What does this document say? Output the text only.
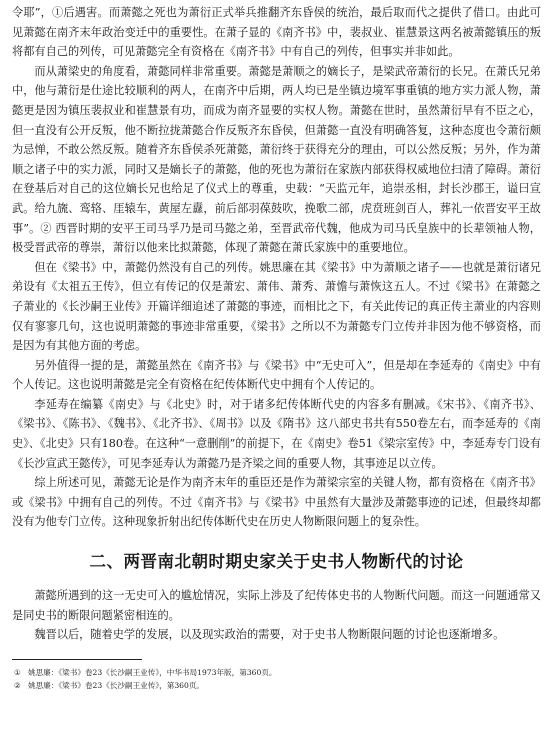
令耶”，①后遇害。而萧懿之死也为萧衍正式举兵推翻齐东昏侯的统治，最后取而代之提供了借口。由此可见萧懿在南齐末年政治变迁中的重要性。在萧子显的《南齐书》中，裴叔业、崔慧景这两名被萧懿镇压的叛将都有自己的列传，可见萧懿完全有资格在《南齐书》中有自己的列传，但事实并非如此。

而从萧梁史的角度看，萧懿同样非常重要。萧懿是萧顺之的嫡长子，是梁武帝萧衍的长兄。在萧氏兄弟中，他与萧衍是仕途比较顺利的两人，在南齐中后期，两人均已是坐镇边境军事重镇的地方实力派人物，萧懿更是因为镇压裴叔业和崔慧景有功，而成为南齐显要的实权人物。萧懿在世时，虽然萧衍早有不臣之心，但一直没有公开反叛，他不断拉拢萧懿合作反叛齐东昏侯，但萧懿一直没有明确答复，这种态度也令萧衍颇为忌惮，不敢公然反叛。随着齐东昏侯杀死萧懿，萧衍终于获得充分的理由，可以公然反叛；另外，作为萧顺之诸子中的实力派，同时又是嫡长子的萧懿，他的死也为萧衍在家族内部获得权威地位扫清了障碍。萧衍在登基后对自己的这位嫡长兄也给足了仪式上的尊重，史载：“天监元年，追崇丞相，封长沙郡王，谥曰宣武。给九旒、鸾辂、厓辕车，黄屋左纛，前后部羽葆鼓吹，挽歌二部，虎贲班剑百人，葬礼一依晋安平王故事”。② 西晋时期的安平王司马孚乃是司马懿之弟，至晋武帝代魏，他成为司马氏皇族中的长辈领袖人物，极受晋武帝的尊崇，萧衍以他来比拟萧懿，体现了萧懿在萧氏家族中的重要地位。

但在《梁书》中，萧懿仍然没有自己的列传。姚思廉在其《梁书》中为萧顺之诸子——也就是萧衍诸兄弟设有《太祖五王传》，但立有传记的仅是萧宏、萧伟、萧秀、萧憺与萧恢这五人。不过《梁书》在萧懿之子萧业的《长沙嗣王业传》开篇详细追述了萧懿的事迹，而相比之下，有关此传记的真正传主萧业的内容则仅有寥寥几句，这也说明萧懿的事迹非常重要，《梁书》之所以不为萧懿专门立传并非因为他不够资格，而是因为有其他方面的考虑。

另外值得一提的是，萧懿虽然在《南齐书》与《梁书》中“无史可入”，但是却在李延寿的《南史》中有个人传记。这也说明萧懿是完全有资格在纪传体断代史中拥有个人传记的。

李延寿在编纂《南史》与《北史》时，对于诸多纪传体断代史的内容多有删减。《宋书》、《南齐书》、《梁书》、《陈书》、《魏书》、《北齐书》、《周书》以及《隋书》这八部史书共有550卷左右，而李延寿的《南史》、《北史》只有180卷。在这种“一意删削”的前提下，在《南史》卷51《梁宗室传》中，李延寿专门设有《长沙宣武王懿传》，可见李延寿认为萧懿乃是齐梁之间的重要人物，其事迹足以立传。

综上所述可见，萧懿无论是作为南齐末年的重臣还是作为萧梁宗室的关键人物，都有资格在《南齐书》或《梁书》中拥有自己的列传。不过《南齐书》与《梁书》中虽然有大量涉及萧懿事迹的记述，但最终却都没有为他专门立传。这种现象折射出纪传体断代史在历史人物断限问题上的复杂性。

二、两晋南北朝时期史家关于史书人物断代的讨论

萧懿所遇到的这一无史可入的尴尬情况，实际上涉及了纪传体史书的人物断代问题。而这一问题通常又是同史书的断限问题紧密相连的。

魏晋以后，随着史学的发展，以及现实政治的需要，对于史书人物断限问题的讨论也逐渐增多。

① 姚思廉：《梁书》卷23《长沙嗣王业传》，中华书局1973年版，第360页。

② 姚思廉：《梁书》卷23《长沙嗣王业传》，第360页。
